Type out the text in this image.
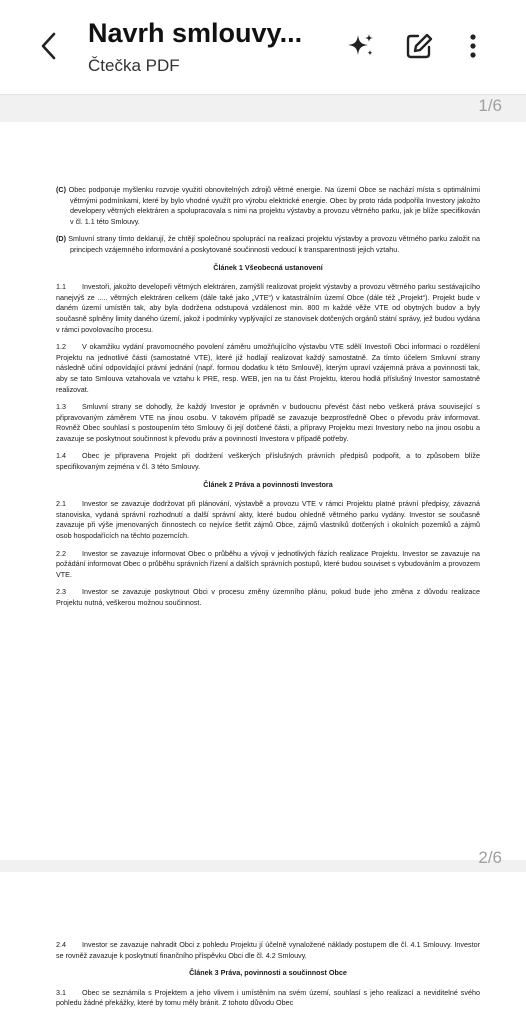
Navrh smlouvy...
Čtečka PDF
1/6

(C) Obec podporuje myšlenku rozvoje využití obnovitelných zdrojů větrné energie. Na území Obce se nachází místa s optimálními větrnými podmínkami, které by bylo vhodné využít pro výrobu elektrické energie. Obec by proto ráda podpořila Investory jakožto developery větrných elektráren a spolupracovala s nimi na projektu výstavby a provozu větrného parku, jak je blíže specifikován v čl. 1.1 této Smlouvy.

(D) Smluvní strany tímto deklarují, že chtějí společnou spoluprácí na realizaci projektu výstavby a provozu větrného parku založit na principech vzájemného informování a poskytované součinnosti vedoucí k transparentnosti jejich vztahu.

Článek 1 Všeobecná ustanovení

1.1 Investoři, jakožto developeři větrných elektráren, zamýšlí realizovat projekt výstavby a provozu větrného parku sestávajícího nanejvýš ze ..... větrných elektráren celkem (dále také jako „VTE“) v katastrálním území Obce (dále též „Projekt“). Projekt bude v daném území umístěn tak, aby byla dodržena odstupová vzdálenost min. 800 m každé věže VTE od obytných budov a byly současně splněny limity daného území, jakož i podmínky vyplývající ze stanovisek dotčených orgánů státní správy, jež budou vydána v rámci povolovacího procesu.

1.2 V okamžiku vydání pravomocného povolení záměru umožňujícího výstavbu VTE sdělí Investoři Obci informaci o rozdělení Projektu na jednotlivé části (samostatné VTE), které již hodlají realizovat každý samostatně. Za tímto účelem Smluvní strany následně učiní odpovídající právní jednání (např. formou dodatku k této Smlouvě), kterým upraví vzájemná práva a povinnosti tak, aby se tato Smlouva vztahovala ve vztahu k PRE, resp. WEB, jen na tu část Projektu, kterou hodlá příslušný Investor samostatně realizovat.

1.3 Smluvní strany se dohodly, že každý Investor je oprávněn v budoucnu převést část nebo veškerá práva související s připravovaným záměrem VTE na jinou osobu. V takovém případě se zavazuje bezprostředně Obec o převodu práv informovat. Rovněž Obec souhlasí s postoupením této Smlouvy či její dotčené části, a přípravy Projektu mezi Investory nebo na jinou osobu a zavazuje se poskytnout součinnost k převodu práv a povinností Investora v případě potřeby.

1.4 Obec je připravena Projekt při dodržení veškerých příslušných právních předpisů podpořit, a to způsobem blíže specifikovaným zejména v čl. 3 této Smlouvy.

Článek 2 Práva a povinnosti Investora

2.1 Investor se zavazuje dodržovat při plánování, výstavbě a provozu VTE v rámci Projektu platné právní předpisy, závazná stanoviska, vydaná správní rozhodnutí a další správní akty, které budou ohledně větrného parku vydány. Investor se současně zavazuje při výše jmenovaných činnostech co nejvíce šetřit zájmů Obce, zájmů vlastníků dotčených i okolních pozemků a zájmů osob hospodařících na těchto pozemcích.

2.2 Investor se zavazuje informovat Obec o průběhu a vývoji v jednotlivých fázích realizace Projektu. Investor se zavazuje na požádání informovat Obec o průběhu správních řízení a dalších správních postupů, které budou souviset s vybudováním a provozem VTE.

2.3 Investor se zavazuje poskytnout Obci v procesu změny územního plánu, pokud bude jeho změna z důvodu realizace Projektu nutná, veškerou možnou součinnost.

2/6

2.4 Investor se zavazuje nahradit Obci z pohledu Projektu jí účelně vynaložené náklady postupem dle čl. 4.1 Smlouvy. Investor se rovněž zavazuje k poskytnutí finančního příspěvku Obci dle čl. 4.2 Smlouvy.

Článek 3 Práva, povinnosti a součinnost Obce

3.1 Obec se seznámila s Projektem a jeho vlivem i umístěním na svém území, souhlasí s jeho realizací a neviditelné svého pohledu žádné překážky, které by tomu měly bránit. Z tohoto důvodu Obec
